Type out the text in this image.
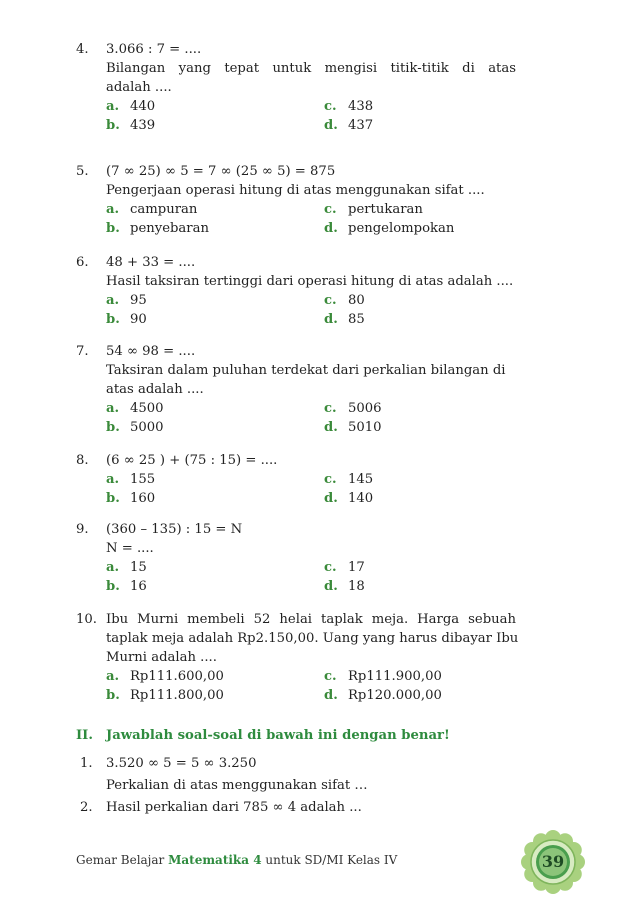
4. 3.066 : 7 = ....
Bilangan yang tepat untuk mengisi titik-titik di atas
adalah ....
a. 440	c. 438
b. 439	d. 437
5. (7 ∞ 25) ∞ 5 = 7 ∞ (25 ∞ 5) = 875
Pengerjaan operasi hitung di atas menggunakan sifat ....
a. campuran	c. pertukaran
b. penyebaran	d. pengelompokan
6. 48 + 33 = ....
Hasil taksiran tertinggi dari operasi hitung di atas adalah ....
a. 95	c. 80
b. 90	d. 85
7. 54 ∞ 98 = ....
Taksiran dalam puluhan terdekat dari perkalian bilangan di
atas adalah ....
a. 4500	c. 5006
b. 5000	d. 5010
8. (6 ∞ 25 ) + (75 : 15) = ....
a. 155	c. 145
b. 160	d. 140
9. (360 – 135) : 15 = N
N = ....
a. 15	c. 17
b. 16	d. 18
10. Ibu Murni membeli 52 helai taplak meja. Harga sebuah
taplak meja adalah Rp2.150,00. Uang yang harus dibayar Ibu
Murni adalah ....
a. Rp111.600,00	c. Rp111.900,00
b. Rp111.800,00	d. Rp120.000,00
II. Jawablah soal-soal di bawah ini dengan benar!
1. 3.520 ∞ 5 = 5 ∞ 3.250
Perkalian di atas menggunakan sifat …
2. Hasil perkalian dari 785 ∞ 4 adalah ...
Gemar Belajar Matematika 4 untuk SD/MI Kelas IV	39
